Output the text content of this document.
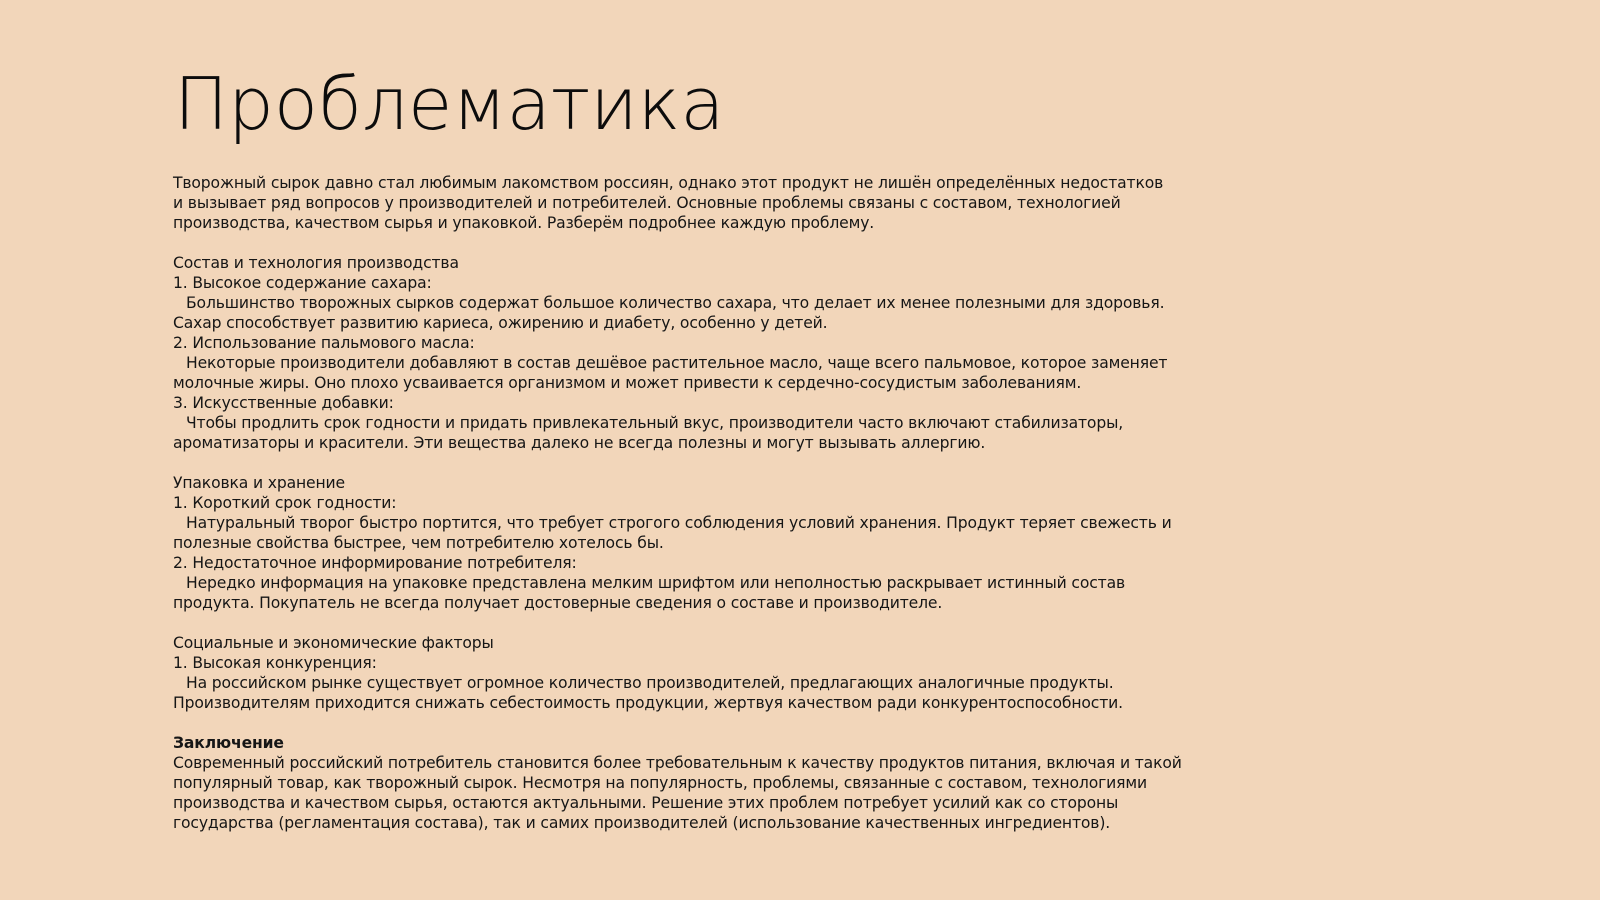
Проблематика
Творожный сырок давно стал любимым лакомством россиян, однако этот продукт не лишён определённых недостатков
и вызывает ряд вопросов у производителей и потребителей. Основные проблемы связаны с составом, технологией
производства, качеством сырья и упаковкой. Разберём подробнее каждую проблему.
Состав и технология производства
1. Высокое содержание сахара:
Большинство творожных сырков содержат большое количество сахара, что делает их менее полезными для здоровья.
Сахар способствует развитию кариеса, ожирению и диабету, особенно у детей.
2. Использование пальмового масла:
Некоторые производители добавляют в состав дешёвое растительное масло, чаще всего пальмовое, которое заменяет
молочные жиры. Оно плохо усваивается организмом и может привести к сердечно-сосудистым заболеваниям.
3. Искусственные добавки:
Чтобы продлить срок годности и придать привлекательный вкус, производители часто включают стабилизаторы,
ароматизаторы и красители. Эти вещества далеко не всегда полезны и могут вызывать аллергию.
Упаковка и хранение
1. Короткий срок годности:
Натуральный творог быстро портится, что требует строгого соблюдения условий хранения. Продукт теряет свежесть и
полезные свойства быстрее, чем потребителю хотелось бы.
2. Недостаточное информирование потребителя:
Нередко информация на упаковке представлена мелким шрифтом или неполностью раскрывает истинный состав
продукта. Покупатель не всегда получает достоверные сведения о составе и производителе.
Социальные и экономические факторы
1. Высокая конкуренция:
На российском рынке существует огромное количество производителей, предлагающих аналогичные продукты.
Производителям приходится снижать себестоимость продукции, жертвуя качеством ради конкурентоспособности.
Заключение
Современный российский потребитель становится более требовательным к качеству продуктов питания, включая и такой
популярный товар, как творожный сырок. Несмотря на популярность, проблемы, связанные с составом, технологиями
производства и качеством сырья, остаются актуальными. Решение этих проблем потребует усилий как со стороны
государства (регламентация состава), так и самих производителей (использование качественных ингредиентов).
